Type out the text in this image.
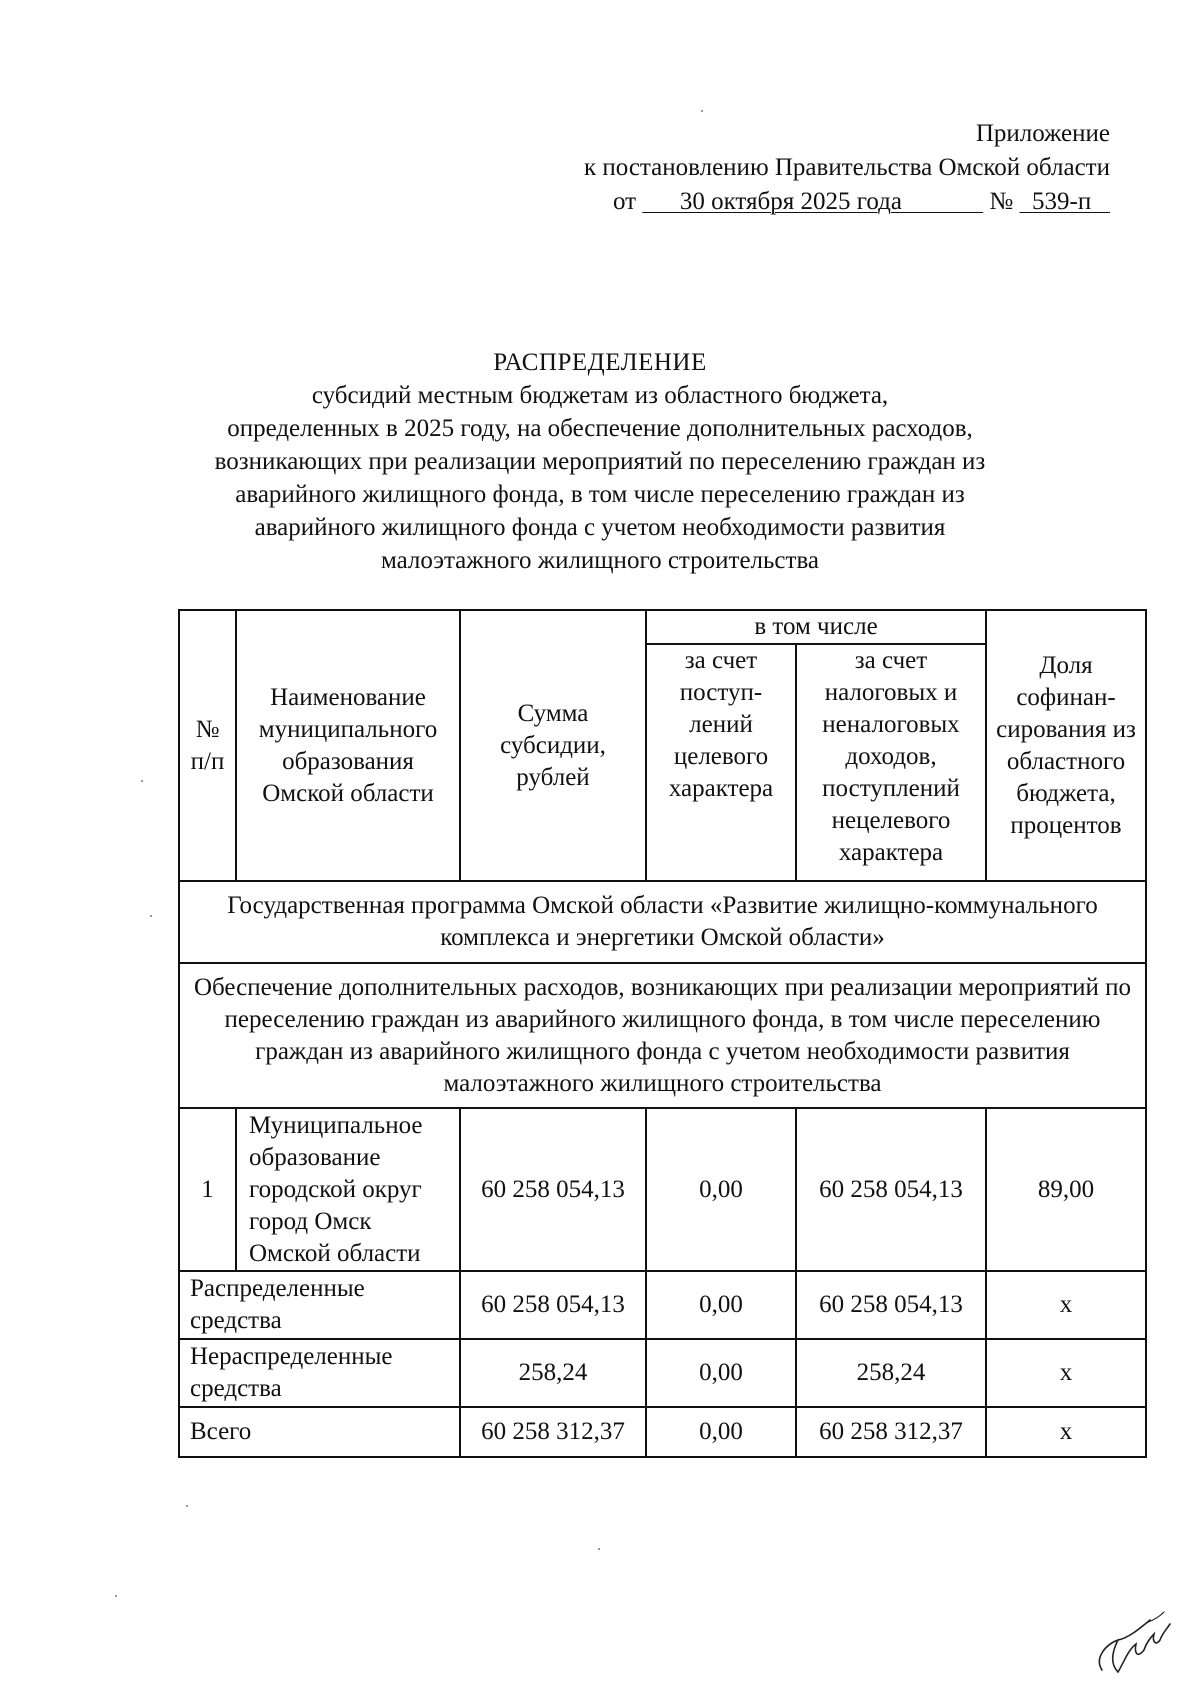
Приложение
к постановлению Правительства Омской области
от 30 октября 2025 года	№ 539-п
РАСПРЕДЕЛЕНИЕ
субсидий местным бюджетам из областного бюджета,
определенных в 2025 году, на обеспечение дополнительных расходов,
возникающих при реализации мероприятий по переселению граждан из
аварийного жилищного фонда, в том числе переселению граждан из
аварийного жилищного фонда с учетом необходимости развития
малоэтажного жилищного строительства
№ п/п	Наименование муниципального образования Омской области	Сумма субсидии, рублей	в том числе		Доля софинан-сирования из областного бюджета, процентов
			за счет поступ-лений целевого характера	за счет налоговых и неналоговых доходов, поступлений нецелевого характера	
Государственная программа Омской области «Развитие жилищно-коммунального комплекса и энергетики Омской области»					
Обеспечение дополнительных расходов, возникающих при реализации мероприятий по переселению граждан из аварийного жилищного фонда, в том числе переселению граждан из аварийного жилищного фонда с учетом необходимости развития малоэтажного жилищного строительства					
1	Муниципальное образование городской округ город Омск Омской области	60 258 054,13	0,00	60 258 054,13	89,00
Распределенные средства		60 258 054,13	0,00	60 258 054,13	x
Нераспределенные средства		258,24	0,00	258,24	x
Всего		60 258 312,37	0,00	60 258 312,37	x
